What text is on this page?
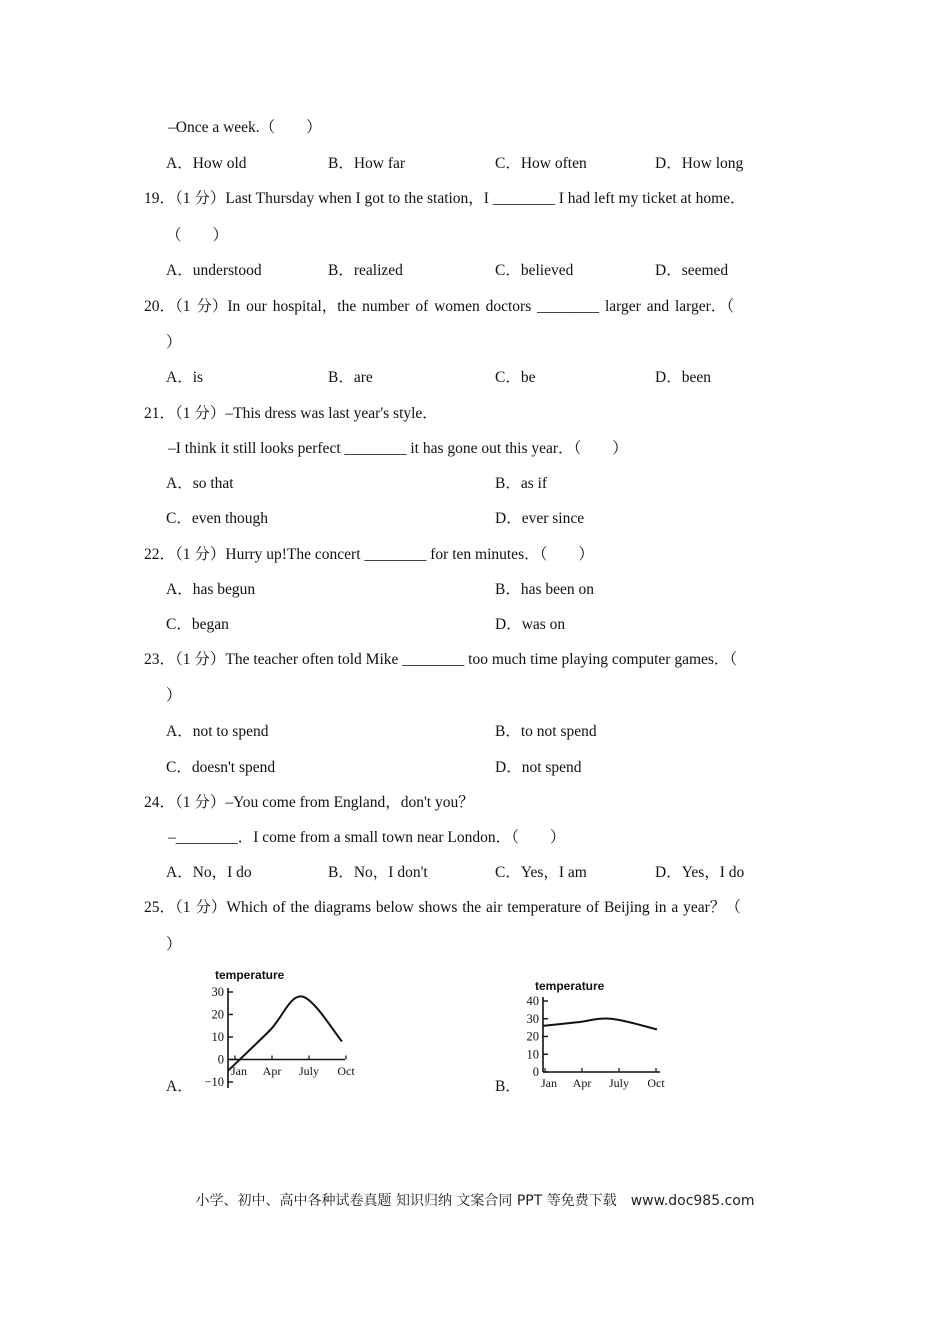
–Once a week.（　　）
A．How old	B．How far	C．How often	D．How long
19．（1 分）Last Thursday when I got to the station，I ________ I had left my ticket at home．
（　　）
A．understood	B．realized	C．believed	D．seemed
20．（1 分）In our hospital，the number of women doctors ________ larger and larger．（
）
A．is	B．are	C．be	D．been
21．（1 分）–This dress was last year's style．
–I think it still looks perfect ________ it has gone out this year．（　　）
A．so that	B．as if
C．even though	D．ever since
22．（1 分）Hurry up!The concert ________ for ten minutes．（　　）
A．has begun	B．has been on
C．began	D．was on
23．（1 分）The teacher often told Mike ________ too much time playing computer games．（
）
A．not to spend	B．to not spend
C．doesn't spend	D．not spend
24．（1 分）–You come from England，don't you？
–________．I come from a small town near London．（　　）
A．No，I do	B．No，I don't	C．Yes，I am	D．Yes，I do
25．（1 分）Which of the diagrams below shows the air temperature of Beijing in a year？（
）
A．	B．
temperature
30
20
10
0
−10
Jan Apr July Oct
temperature
40
30
20
10
0
Jan Apr July Oct
小学、初中、高中各种试卷真题 知识归纳 文案合同 PPT 等免费下载　www.doc985.com
